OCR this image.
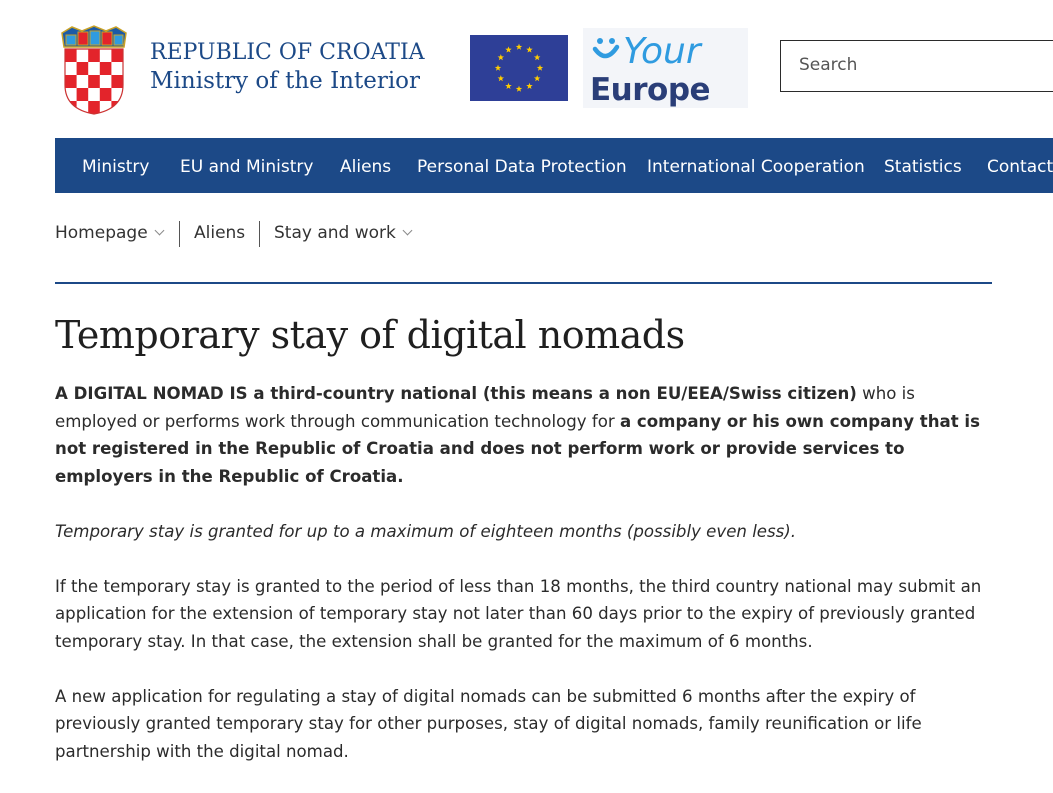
REPUBLIC OF CROATIA
Ministry of the Interior
Your
Europe
Search
Ministry EU and Ministry Aliens Personal Data Protection International Cooperation Statistics Contact
Homepage	Aliens Stay and work
Temporary stay of digital nomads

A DIGITAL NOMAD IS a third-country national (this means a non EU/EEA/Swiss citizen) who is employed or performs work through communication technology for a company or his own company that is not registered in the Republic of Croatia and does not perform work or provide services to employers in the Republic of Croatia.

Temporary stay is granted for up to a maximum of eighteen months (possibly even less).

If the temporary stay is granted to the period of less than 18 months, the third country national may submit an application for the extension of temporary stay not later than 60 days prior to the expiry of previously granted temporary stay. In that case, the extension shall be granted for the maximum of 6 months.

A new application for regulating a stay of digital nomads can be submitted 6 months after the expiry of previously granted temporary stay for other purposes, stay of digital nomads, family reunification or life partnership with the digital nomad.
